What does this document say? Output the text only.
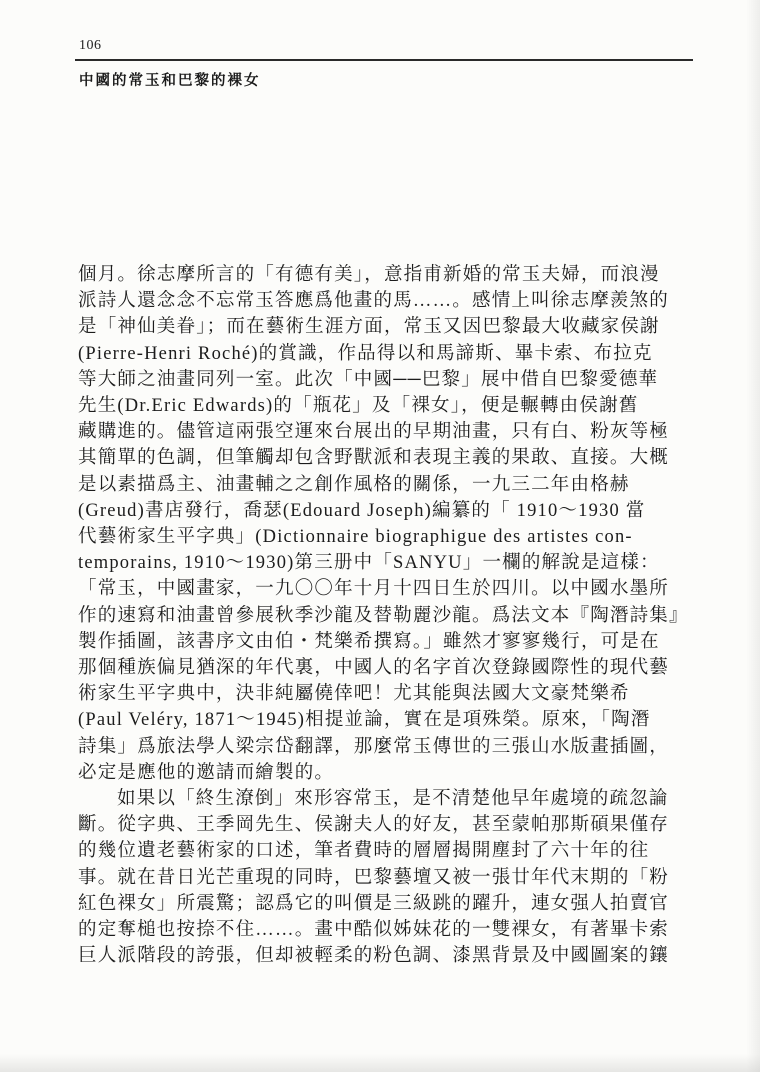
106
中國的常玉和巴黎的裸女
個月。徐志摩所言的「有德有美」，意指甫新婚的常玉夫婦，而浪漫
派詩人還念念不忘常玉答應爲他畫的馬……。感情上叫徐志摩羨煞的
是「神仙美眷」；而在藝術生涯方面，常玉又因巴黎最大收藏家侯謝
(Pierre-Henri Roché)的賞識，作品得以和馬諦斯、畢卡索、布拉克
等大師之油畫同列一室。此次「中國──巴黎」展中借自巴黎愛德華
先生(Dr.Eric Edwards)的「瓶花」及「裸女」，便是輾轉由侯謝舊
藏購進的。儘管這兩張空運來台展出的早期油畫，只有白、粉灰等極
其簡單的色調，但筆觸却包含野獸派和表現主義的果敢、直接。大概
是以素描爲主、油畫輔之之創作風格的關係，一九三二年由格赫
(Greud)書店發行，喬瑟(Edouard Joseph)編纂的「 1910～1930 當
代藝術家生平字典」(Dictionnaire biographigue des artistes con-
temporains, 1910～1930)第三册中「SANYU」一欄的解說是這樣：
「常玉，中國畫家，一九〇〇年十月十四日生於四川。以中國水墨所
作的速寫和油畫曾參展秋季沙龍及替勒麗沙龍。爲法文本『陶潛詩集』
製作插圖，該書序文由伯・梵樂希撰寫。」雖然才寥寥幾行，可是在
那個種族偏見猶深的年代裏，中國人的名字首次登錄國際性的現代藝
術家生平字典中，決非純屬僥倖吧！尤其能與法國大文豪梵樂希
(Paul Veléry, 1871～1945)相提並論，實在是項殊榮。原來，「陶潛
詩集」爲旅法學人梁宗岱翻譯，那麼常玉傳世的三張山水版畫插圖，
必定是應他的邀請而繪製的。
如果以「終生潦倒」來形容常玉，是不清楚他早年處境的疏忽論
斷。從字典、王季岡先生、侯謝夫人的好友，甚至蒙帕那斯碩果僅存
的幾位遺老藝術家的口述，筆者費時的層層揭開塵封了六十年的往
事。就在昔日光芒重現的同時，巴黎藝壇又被一張廿年代末期的「粉
紅色裸女」所震驚；認爲它的叫價是三級跳的躍升，連女强人拍賣官
的定奪槌也按捺不住……。畫中酷似姊妹花的一雙裸女，有著畢卡索
巨人派階段的誇張，但却被輕柔的粉色調、漆黑背景及中國圖案的鑲
